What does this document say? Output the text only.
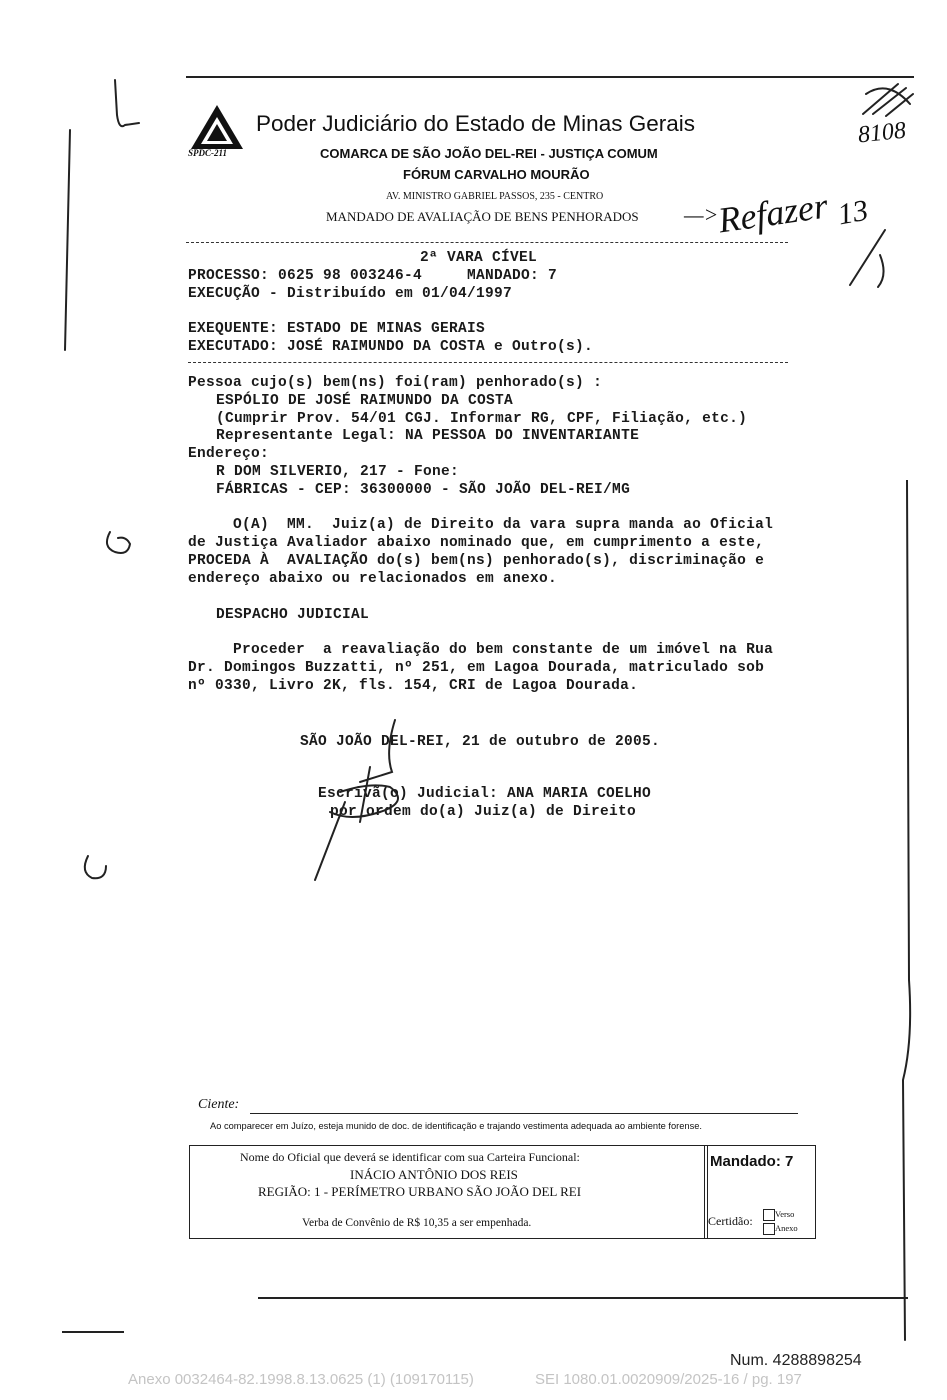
SPDC-211
Poder Judiciário do Estado de Minas Gerais
COMARCA DE SÃO JOÃO DEL-REI - JUSTIÇA COMUM
FÓRUM CARVALHO MOURÃO
AV. MINISTRO GABRIEL PASSOS, 235 - CENTRO
MANDADO DE AVALIAÇÃO DE BENS PENHORADOS —>
Refazer 13
8108
2ª VARA CÍVEL
PROCESSO: 0625 98 003246-4     MANDADO: 7
EXECUÇÃO - Distribuído em 01/04/1997
EXEQUENTE: ESTADO DE MINAS GERAIS
EXECUTADO: JOSÉ RAIMUNDO DA COSTA e Outro(s).
Pessoa cujo(s) bem(ns) foi(ram) penhorado(s) :
ESPÓLIO DE JOSÉ RAIMUNDO DA COSTA
(Cumprir Prov. 54/01 CGJ. Informar RG, CPF, Filiação, etc.)
Representante Legal: NA PESSOA DO INVENTARIANTE
Endereço:
R DOM SILVERIO, 217 - Fone:
FÁBRICAS - CEP: 36300000 - SÃO JOÃO DEL-REI/MG
O(A)  MM.  Juiz(a) de Direito da vara supra manda ao Oficial
de Justiça Avaliador abaixo nominado que, em cumprimento a este,
PROCEDA À  AVALIAÇÃO do(s) bem(ns) penhorado(s), discriminação e
endereço abaixo ou relacionados em anexo.
DESPACHO JUDICIAL
Proceder  a reavaliação do bem constante de um imóvel na Rua
Dr. Domingos Buzzatti, nº 251, em Lagoa Dourada, matriculado sob
nº 0330, Livro 2K, fls. 154, CRI de Lagoa Dourada.
SÃO JOÃO DEL-REI, 21 de outubro de 2005.
Escrivã(o) Judicial: ANA MARIA COELHO
por ordem do(a) Juiz(a) de Direito
Ciente:
Ao comparecer em Juízo, esteja munido de doc. de identificação e trajando vestimenta adequada ao ambiente forense.
Nome do Oficial que deverá se identificar com sua Carteira Funcional:
INÁCIO ANTÔNIO DOS REIS
REGIÃO: 1 - PERÍMETRO URBANO SÃO JOÃO DEL REI
Verba de Convênio de R$ 10,35 a ser empenhada.
Mandado: 7
Certidão:	Verso
Anexo
Num. 4288898254
Anexo 0032464-82.1998.8.13.0625 (1) (109170115)	SEI 1080.01.0020909/2025-16 / pg. 197
